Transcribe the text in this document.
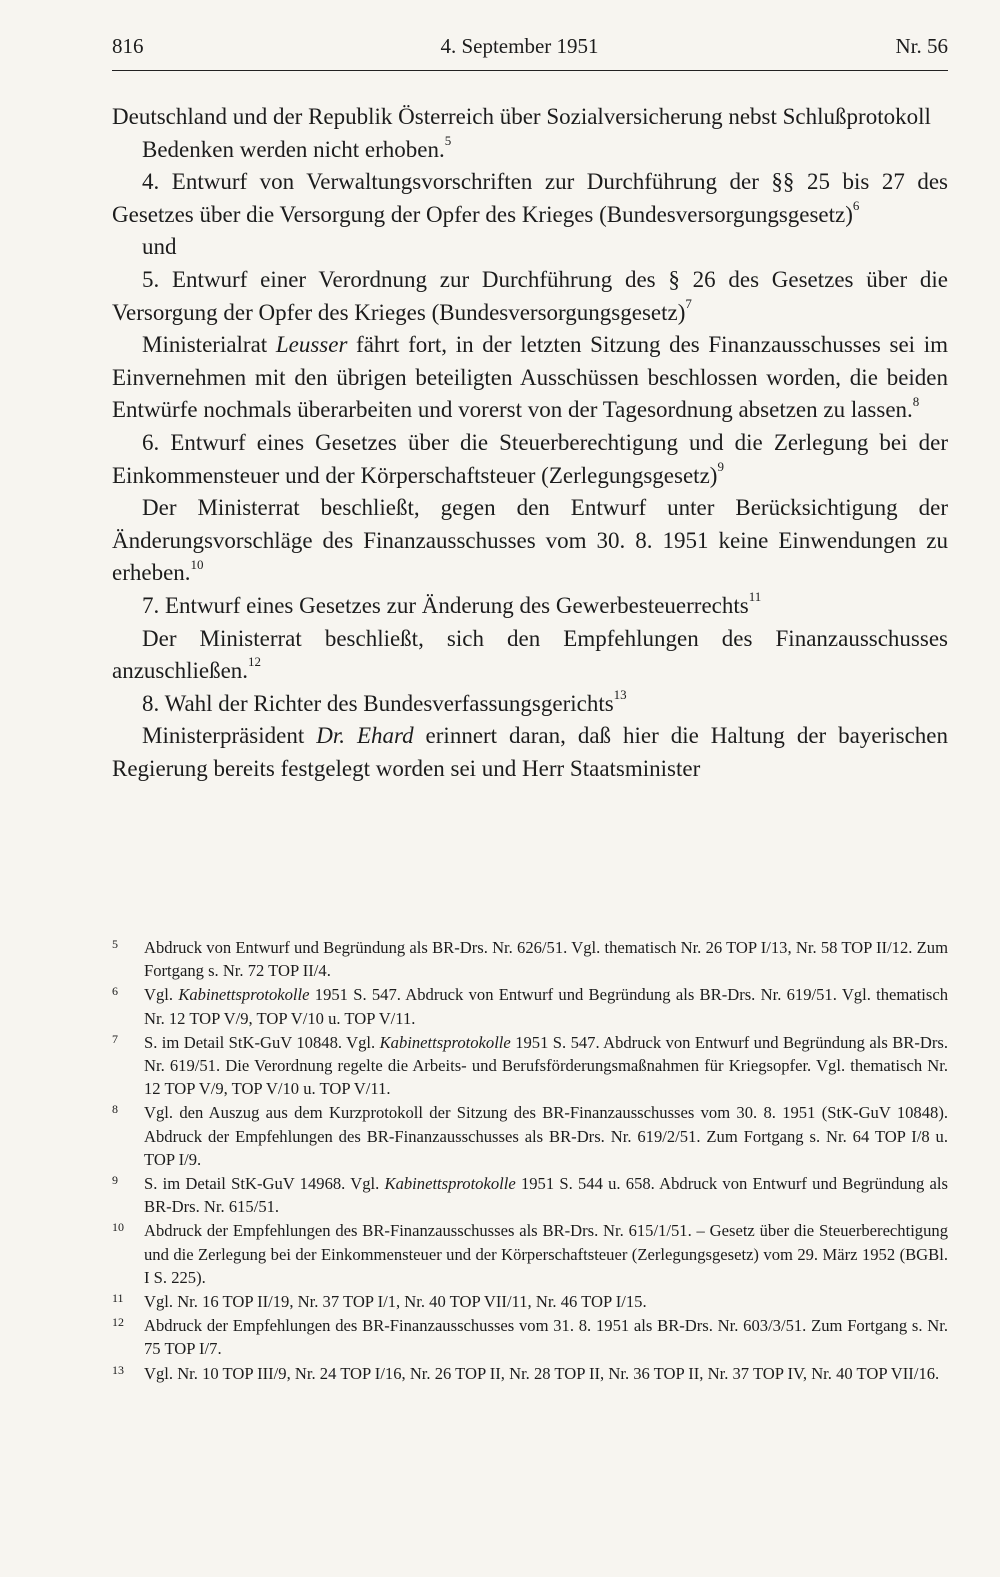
816	4. September 1951	Nr. 56

Deutschland und der Republik Österreich über Sozialversicherung nebst Schlußprotokoll

Bedenken werden nicht erhoben.$^5$

4. Entwurf von Verwaltungsvorschriften zur Durchführung der §§ 25 bis 27 des Gesetzes über die Versorgung der Opfer des Krieges (Bundesversorgungsgesetz)$^6$

und

5. Entwurf einer Verordnung zur Durchführung des § 26 des Gesetzes über die Versorgung der Opfer des Krieges (Bundesversorgungsgesetz)$^7$

Ministerialrat Leusser fährt fort, in der letzten Sitzung des Finanzausschusses sei im Einvernehmen mit den übrigen beteiligten Ausschüssen beschlossen worden, die beiden Entwürfe nochmals überarbeiten und vorerst von der Tagesordnung absetzen zu lassen.$^8$

6. Entwurf eines Gesetzes über die Steuerberechtigung und die Zerlegung bei der Einkommensteuer und der Körperschaftsteuer (Zerlegungsgesetz)$^9$

Der Ministerrat beschließt, gegen den Entwurf unter Berücksichtigung der Änderungsvorschläge des Finanzausschusses vom 30. 8. 1951 keine Einwendungen zu erheben.$^{10}$

7. Entwurf eines Gesetzes zur Änderung des Gewerbesteuerrechts$^{11}$

Der Ministerrat beschließt, sich den Empfehlungen des Finanzausschusses anzuschließen.$^{12}$

8. Wahl der Richter des Bundesverfassungsgerichts$^{13}$

Ministerpräsident Dr. Ehard erinnert daran, daß hier die Haltung der bayerischen Regierung bereits festgelegt worden sei und Herr Staatsminister

5	Abdruck von Entwurf und Begründung als BR-Drs. Nr. 626/51. Vgl. thematisch Nr. 26 TOP I/13, Nr. 58 TOP II/12. Zum Fortgang s. Nr. 72 TOP II/4.
6	Vgl. Kabinettsprotokolle 1951 S. 547. Abdruck von Entwurf und Begründung als BR-Drs. Nr. 619/51. Vgl. thematisch Nr. 12 TOP V/9, TOP V/10 u. TOP V/11.
7	S. im Detail StK-GuV 10848. Vgl. Kabinettsprotokolle 1951 S. 547. Abdruck von Entwurf und Begründung als BR-Drs. Nr. 619/51. Die Verordnung regelte die Arbeits- und Berufsförderungsmaßnahmen für Kriegsopfer. Vgl. thematisch Nr. 12 TOP V/9, TOP V/10 u. TOP V/11.
8	Vgl. den Auszug aus dem Kurzprotokoll der Sitzung des BR-Finanzausschusses vom 30. 8. 1951 (StK-GuV 10848). Abdruck der Empfehlungen des BR-Finanzausschusses als BR-Drs. Nr. 619/2/51. Zum Fortgang s. Nr. 64 TOP I/8 u. TOP I/9.
9	S. im Detail StK-GuV 14968. Vgl. Kabinettsprotokolle 1951 S. 544 u. 658. Abdruck von Entwurf und Begründung als BR-Drs. Nr. 615/51.
10	Abdruck der Empfehlungen des BR-Finanzausschusses als BR-Drs. Nr. 615/1/51. – Gesetz über die Steuerberechtigung und die Zerlegung bei der Einkommensteuer und der Körperschaftsteuer (Zerlegungsgesetz) vom 29. März 1952 (BGBl. I S. 225).
11	Vgl. Nr. 16 TOP II/19, Nr. 37 TOP I/1, Nr. 40 TOP VII/11, Nr. 46 TOP I/15.
12	Abdruck der Empfehlungen des BR-Finanzausschusses vom 31. 8. 1951 als BR-Drs. Nr. 603/3/51. Zum Fortgang s. Nr. 75 TOP I/7.
13	Vgl. Nr. 10 TOP III/9, Nr. 24 TOP I/16, Nr. 26 TOP II, Nr. 28 TOP II, Nr. 36 TOP II, Nr. 37 TOP IV, Nr. 40 TOP VII/16.
